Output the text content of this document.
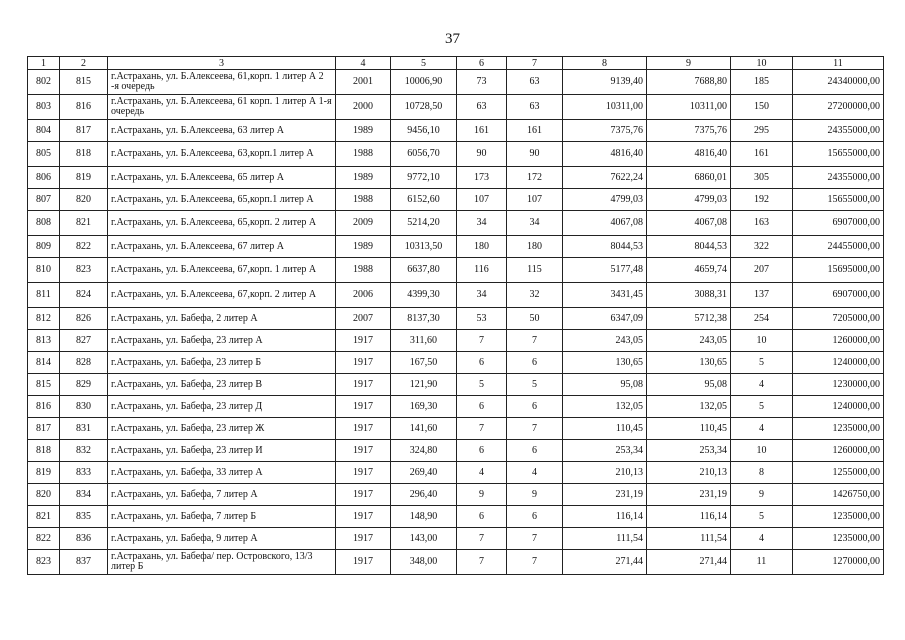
37
1	2	3	4	5	6	7	8	9	10	11
802	815	г.Астрахань, ул. Б.Алексеева, 61,корп. 1 литер А 2 -я очередь	2001	10006,90	73	63	9139,40	7688,80	185	24340000,00
803	816	г.Астрахань, ул. Б.Алексеева, 61 корп. 1 литер А 1-я очередь	2000	10728,50	63	63	10311,00	10311,00	150	27200000,00
804	817	г.Астрахань, ул. Б.Алексеева, 63 литер А	1989	9456,10	161	161	7375,76	7375,76	295	24355000,00
805	818	г.Астрахань, ул. Б.Алексеева, 63,корп.1 литер А	1988	6056,70	90	90	4816,40	4816,40	161	15655000,00
806	819	г.Астрахань, ул. Б.Алексеева, 65 литер А	1989	9772,10	173	172	7622,24	6860,01	305	24355000,00
807	820	г.Астрахань, ул. Б.Алексеева, 65,корп.1 литер А	1988	6152,60	107	107	4799,03	4799,03	192	15655000,00
808	821	г.Астрахань, ул. Б.Алексеева, 65,корп. 2 литер А	2009	5214,20	34	34	4067,08	4067,08	163	6907000,00
809	822	г.Астрахань, ул. Б.Алексеева, 67 литер А	1989	10313,50	180	180	8044,53	8044,53	322	24455000,00
810	823	г.Астрахань, ул. Б.Алексеева, 67,корп. 1 литер А	1988	6637,80	116	115	5177,48	4659,74	207	15695000,00
811	824	г.Астрахань, ул. Б.Алексеева, 67,корп. 2 литер А	2006	4399,30	34	32	3431,45	3088,31	137	6907000,00
812	826	г.Астрахань, ул. Бабефа, 2 литер А	2007	8137,30	53	50	6347,09	5712,38	254	7205000,00
813	827	г.Астрахань, ул. Бабефа, 23 литер А	1917	311,60	7	7	243,05	243,05	10	1260000,00
814	828	г.Астрахань, ул. Бабефа, 23 литер Б	1917	167,50	6	6	130,65	130,65	5	1240000,00
815	829	г.Астрахань, ул. Бабефа, 23 литер В	1917	121,90	5	5	95,08	95,08	4	1230000,00
816	830	г.Астрахань, ул. Бабефа, 23 литер Д	1917	169,30	6	6	132,05	132,05	5	1240000,00
817	831	г.Астрахань, ул. Бабефа, 23 литер Ж	1917	141,60	7	7	110,45	110,45	4	1235000,00
818	832	г.Астрахань, ул. Бабефа, 23 литер И	1917	324,80	6	6	253,34	253,34	10	1260000,00
819	833	г.Астрахань, ул. Бабефа, 33 литер А	1917	269,40	4	4	210,13	210,13	8	1255000,00
820	834	г.Астрахань, ул. Бабефа, 7 литер А	1917	296,40	9	9	231,19	231,19	9	1426750,00
821	835	г.Астрахань, ул. Бабефа, 7 литер Б	1917	148,90	6	6	116,14	116,14	5	1235000,00
822	836	г.Астрахань, ул. Бабефа, 9 литер А	1917	143,00	7	7	111,54	111,54	4	1235000,00
823	837	г.Астрахань, ул. Бабефа/ пер. Островского, 13/3 литер Б	1917	348,00	7	7	271,44	271,44	11	1270000,00
